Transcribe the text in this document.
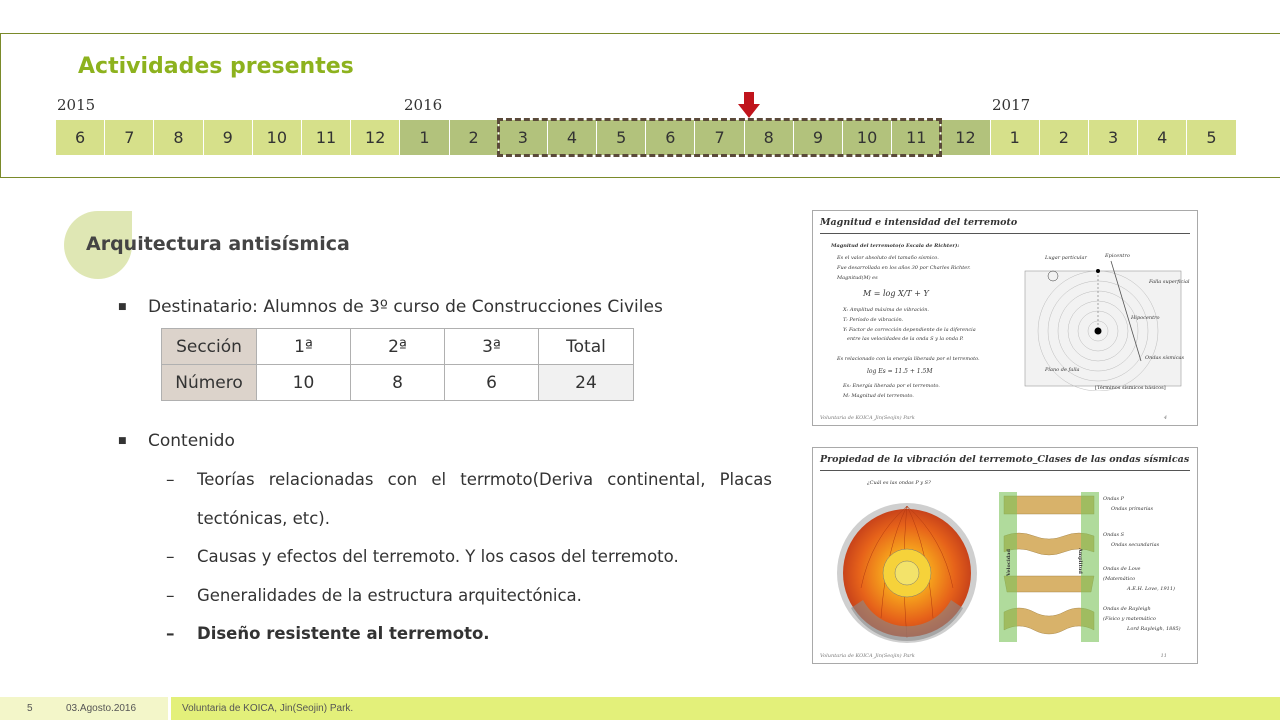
Actividades presentes
2015	2016	2017
6 7 8 9 10 11 12 1 2 3 4 5 6 7 8 9 10 11 12 1 2 3 4 5
Arquitectura antisísmica
■ Destinatario: Alumnos de 3º curso de Construcciones Civiles
Sección	1ª	2ª	3ª	Total
Número	10	8	6	24
■ Contenido
– Teorías relacionadas con el terrmoto(Deriva continental, Placas
tectónicas, etc).
– Causas y efectos del terremoto. Y los casos del terremoto.
– Generalidades de la estructura arquitectónica.
– Diseño resistente al terremoto.
Magnitud e intensidad del terremoto
Magnitud del terremoto(o Escala de Richter):
Es el valor absoluto del tamaño sísmico.
Fue desarrollada en los años 30 por Charles Richter.
Magnitud(M) es
M = log X/T + Y
X: Amplitud máxima de vibración.
T: Período de vibración.
Y: Factor de corrección dependiente de la diferencia
entre las velocidades de la onda S y la onda P.
Es relacionado con la energía liberada por el terremoto.
log Es = 11.5 + 1.5M
Es: Energía liberada por el terremoto.
M: Magnitud del terremoto.
Lugar particular	Epicentro
Falla superficial
Hipocentro
Ondas sísmicas
Plano de falla
[Términos sísmicos básicos]
Voluntaria de KOICA_Jin(Seojin) Park	4
Propiedad de la vibración del terremoto_Clases de las ondas sísmicas
¿Cuál es las ondas P y S?
Velocidad	Amplitud
Ondas P
Ondas primarias
Ondas S
Ondas secundarias
Ondas de Love
(Matemático
A.E.H. Love, 1911)
Ondas de Rayleigh
(Físico y matemático
Lord Rayleigh, 1885)
Voluntaria de KOICA_Jin(Seojin) Park	11
5	03.Agosto.2016	Voluntaria de KOICA, Jin(Seojin) Park.
